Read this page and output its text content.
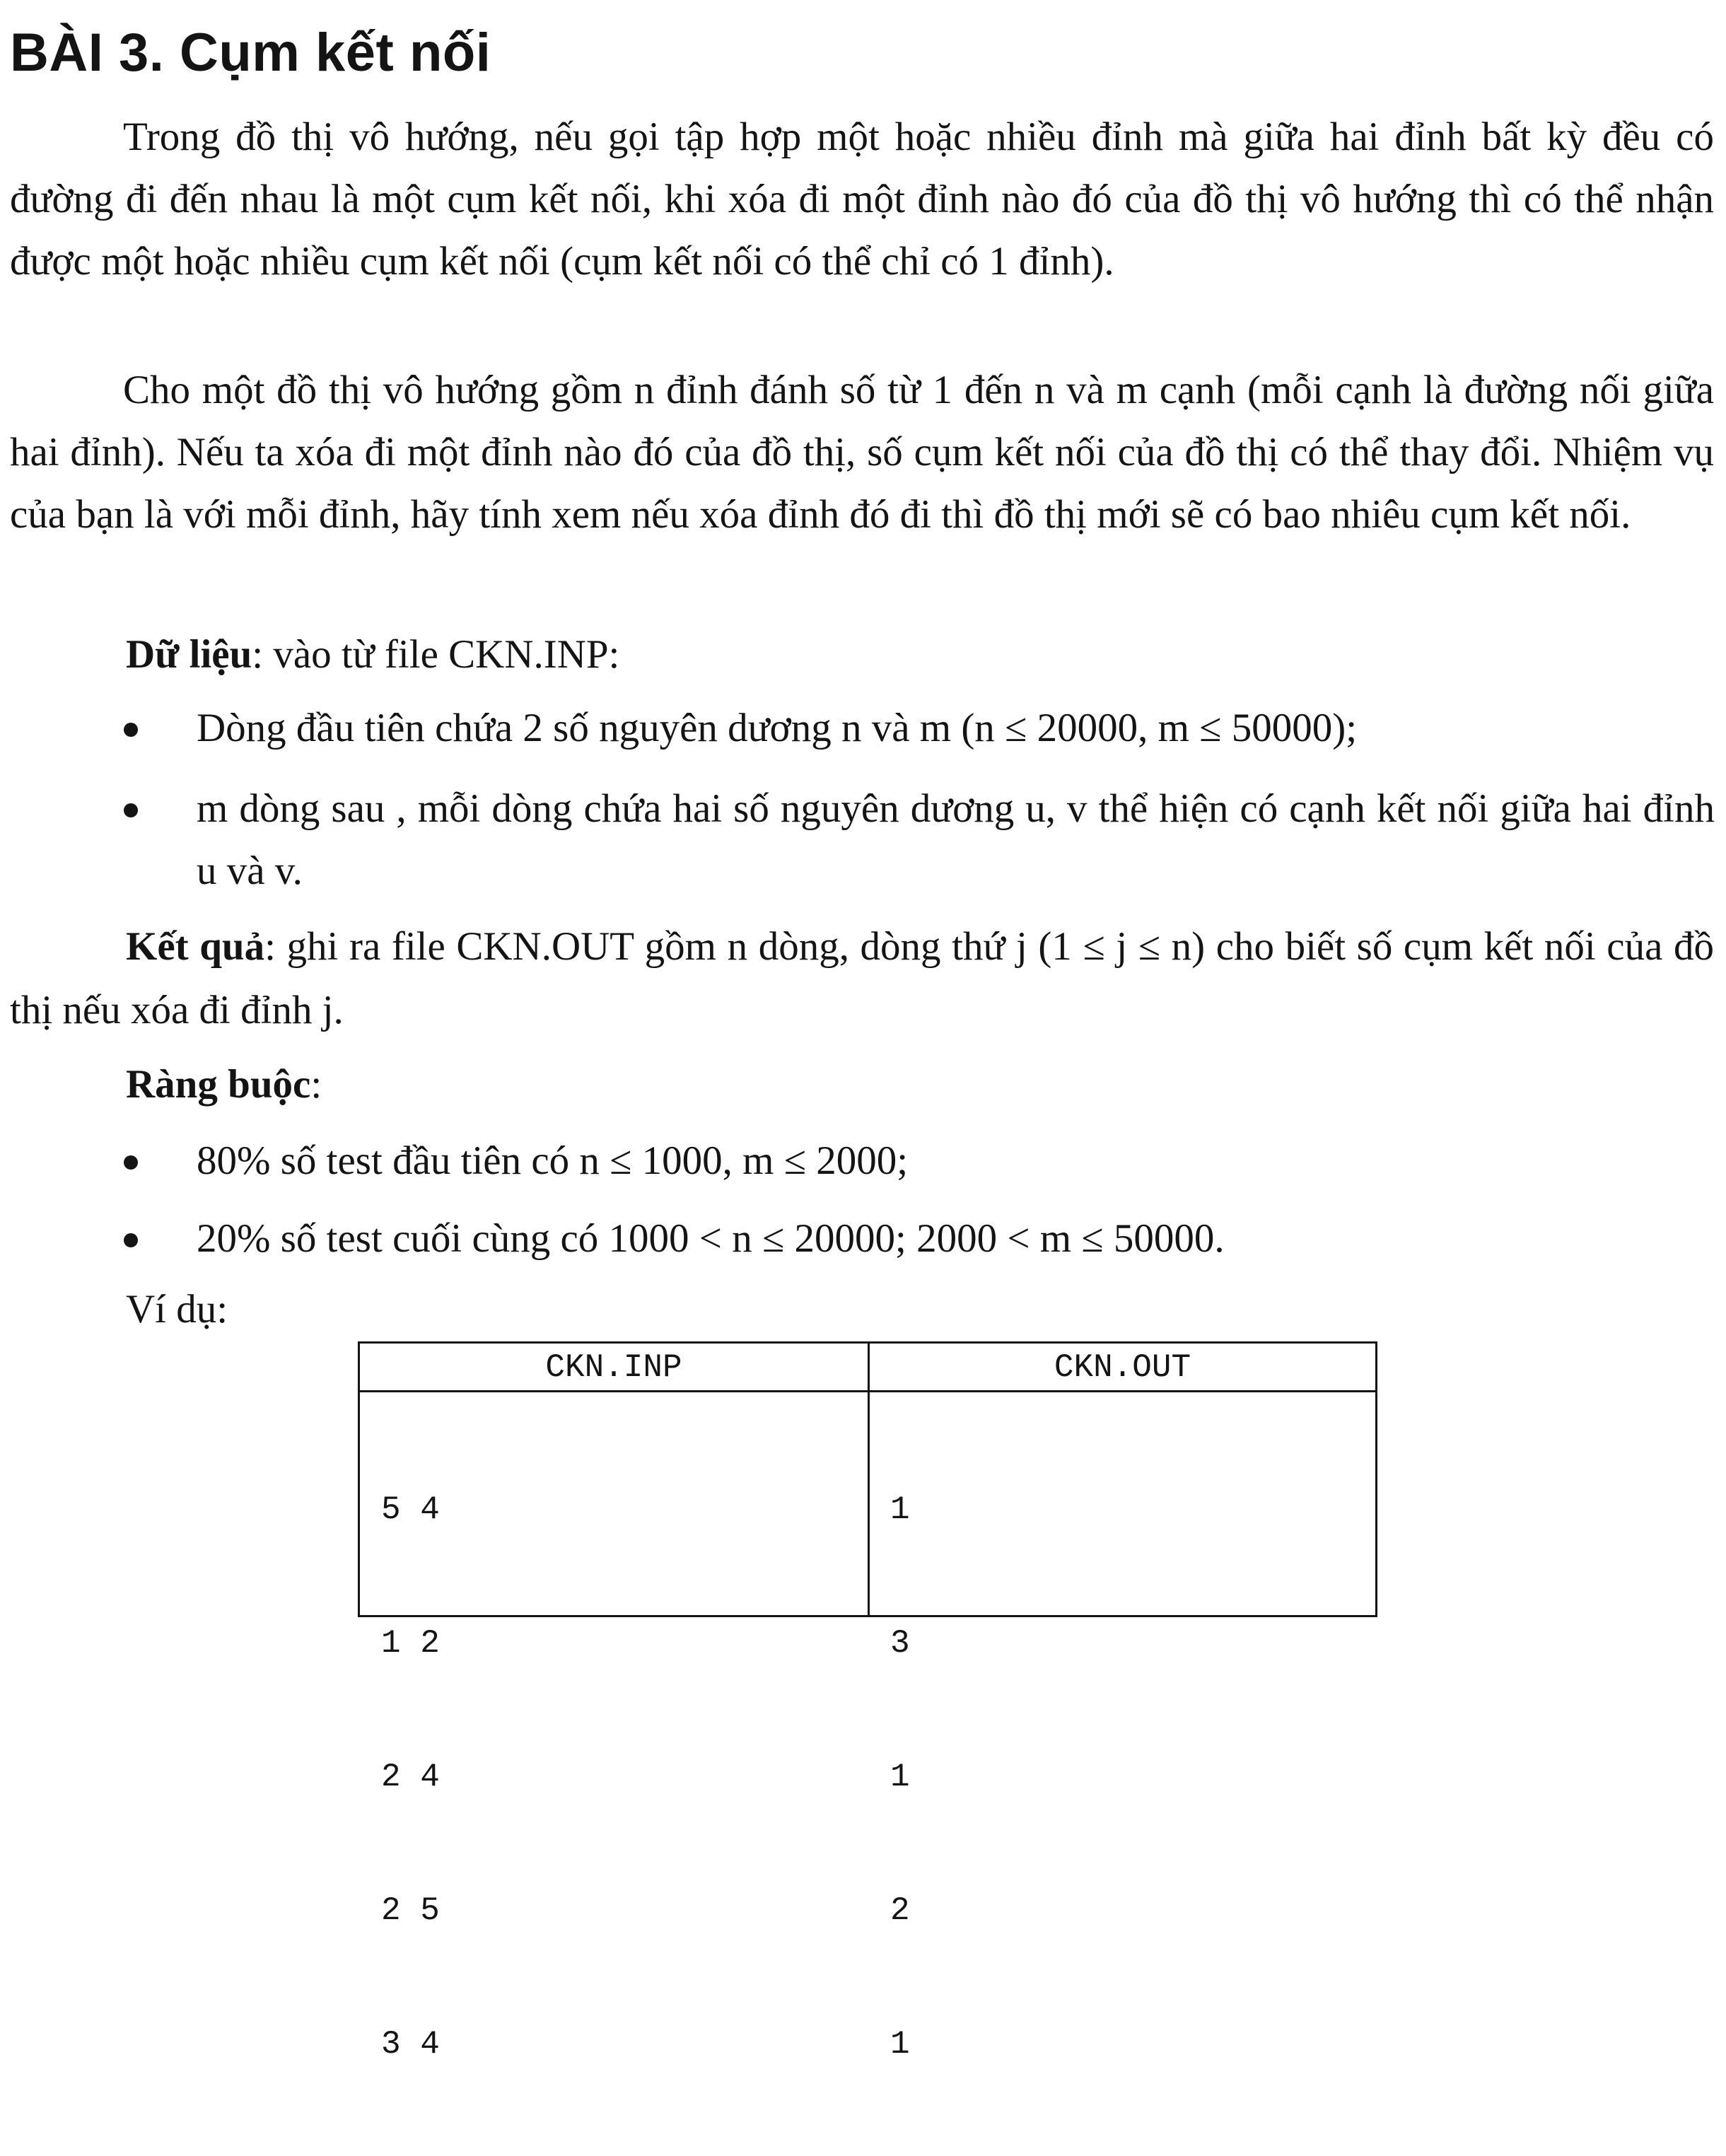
BÀI 3. Cụm kết nối
Trong đồ thị vô hướng, nếu gọi tập hợp một hoặc nhiều đỉnh mà giữa hai đỉnh bất kỳ đều có đường đi đến nhau là một cụm kết nối, khi xóa đi một đỉnh nào đó của đồ thị vô hướng thì có thể nhận được một hoặc nhiều cụm kết nối (cụm kết nối có thể chỉ có 1 đỉnh).
Cho một đồ thị vô hướng gồm n đỉnh đánh số từ 1 đến n và m cạnh (mỗi cạnh là đường nối giữa hai đỉnh). Nếu ta xóa đi một đỉnh nào đó của đồ thị, số cụm kết nối của đồ thị có thể thay đổi. Nhiệm vụ của bạn là với mỗi đỉnh, hãy tính xem nếu xóa đỉnh đó đi thì đồ thị mới sẽ có bao nhiêu cụm kết nối.
Dữ liệu: vào từ file CKN.INP:
Dòng đầu tiên chứa 2 số nguyên dương n và m (n ≤ 20000, m ≤ 50000);
m dòng sau , mỗi dòng chứa hai số nguyên dương u, v thể hiện có cạnh kết nối giữa hai đỉnh u và v.
Kết quả: ghi ra file CKN.OUT gồm n dòng, dòng thứ j (1 ≤ j ≤ n) cho biết số cụm kết nối của đồ thị nếu xóa đi đỉnh j.
Ràng buộc:
80% số test đầu tiên có n ≤ 1000, m ≤ 2000;
20% số test cuối cùng có 1000 < n ≤ 20000; 2000 < m ≤ 50000.
Ví dụ:
CKN.INP	CKN.OUT

5 4

1 2

2 4

2 5

3 4

1

3

1

2

1
